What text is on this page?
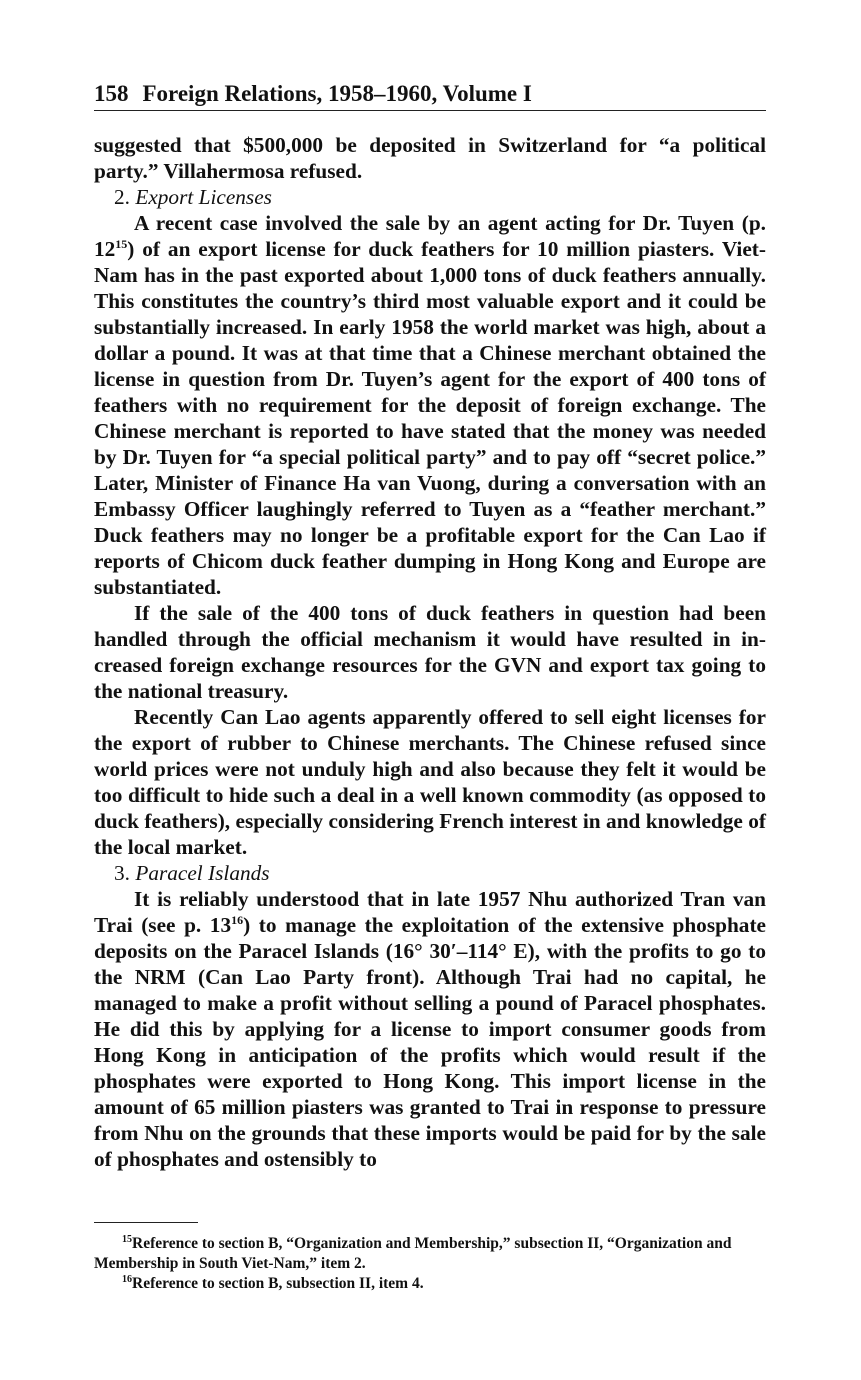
158 Foreign Relations, 1958–1960, Volume I

suggested that $500,000 be deposited in Switzerland for “a political party.” Villahermosa refused.

2. Export Licenses

A recent case involved the sale by an agent acting for Dr. Tuyen (p. $12^{15}$) of an export license for duck feathers for 10 million piasters. Viet-Nam has in the past exported about 1,000 tons of duck feathers annually. This constitutes the country’s third most valuable export and it could be substantially increased. In early 1958 the world market was high, about a dollar a pound. It was at that time that a Chinese merchant obtained the license in question from Dr. Tuyen’s agent for the export of 400 tons of feathers with no requirement for the deposit of foreign exchange. The Chinese merchant is reported to have stated that the money was needed by Dr. Tuyen for “a special political party” and to pay off “secret police.” Later, Minister of Finance Ha van Vuong, during a conversation with an Embassy Officer laughingly referred to Tuyen as a “feather merchant.” Duck feathers may no longer be a profitable export for the Can Lao if reports of Chicom duck feather dumping in Hong Kong and Europe are substantiated.

If the sale of the 400 tons of duck feathers in question had been handled through the official mechanism it would have resulted in increased foreign exchange resources for the GVN and export tax going to the national treasury.

Recently Can Lao agents apparently offered to sell eight licenses for the export of rubber to Chinese merchants. The Chinese refused since world prices were not unduly high and also because they felt it would be too difficult to hide such a deal in a well known commodity (as opposed to duck feathers), especially considering French interest in and knowledge of the local market.

3. Paracel Islands

It is reliably understood that in late 1957 Nhu authorized Tran van Trai (see p. $13^{16}$) to manage the exploitation of the extensive phosphate deposits on the Paracel Islands (16° 30′–114° E), with the profits to go to the NRM (Can Lao Party front). Although Trai had no capital, he managed to make a profit without selling a pound of Paracel phosphates. He did this by applying for a license to import consumer goods from Hong Kong in anticipation of the profits which would result if the phosphates were exported to Hong Kong. This import license in the amount of 65 million piasters was granted to Trai in response to pressure from Nhu on the grounds that these imports would be paid for by the sale of phosphates and ostensibly to

$^{15}$Reference to section B, “Organization and Membership,” subsection II, “Organization and Membership in South Viet-Nam,” item 2.

$^{16}$Reference to section B, subsection II, item 4.
